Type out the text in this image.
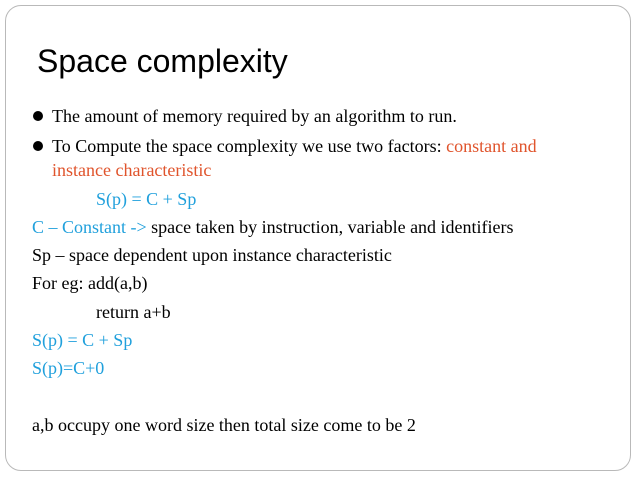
Space complexity
The amount of memory required by an algorithm to run.
To Compute the space complexity we use two factors: constant and
instance characteristic
S(p) = C + Sp
C – Constant -> space taken by instruction, variable and identifiers
Sp – space dependent upon instance characteristic
For eg: add(a,b)
return a+b
S(p) = C + Sp
S(p)=C+0
a,b occupy one word size then total size come to be 2
